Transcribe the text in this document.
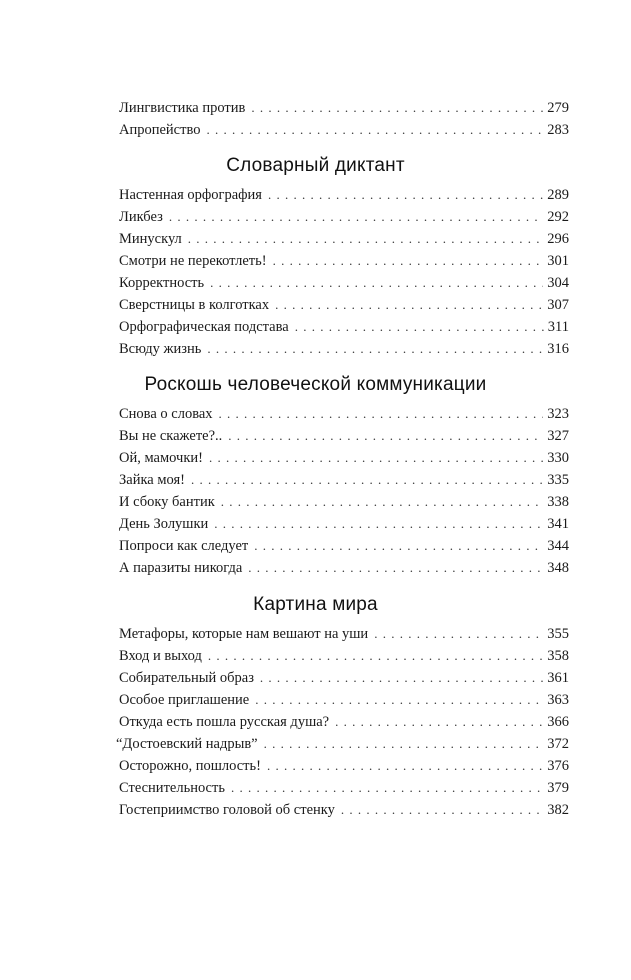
Лингвистика против . . .	279
Апропейство . . .	283
Словарный диктант
Настенная орфография . . .	289
Ликбез . . .	292
Минускул . . .	296
Смотри не перекотлеть! . . .	301
Корректность . . .	304
Сверстницы в колготках . . .	307
Орфографическая подстава . . .	311
Всюду жизнь . . .	316
Роскошь человеческой коммуникации
Снова о словах . . .	323
Вы не скажете?.. . . .	327
Ой, мамочки! . . .	330
Зайка моя! . . .	335
И сбоку бантик . . .	338
День Золушки . . .	341
Попроси как следует . . .	344
А паразиты никогда . . .	348
Картина мира
Метафоры, которые нам вешают на уши . . .	355
Вход и выход . . .	358
Собирательный образ . . .	361
Особое приглашение . . .	363
Откуда есть пошла русская душа? . . .	366
“Достоевский надрыв” . . .	372
Осторожно, пошлость! . . .	376
Стеснительность . . .	379
Гостеприимство головой об стенку . . .	382
